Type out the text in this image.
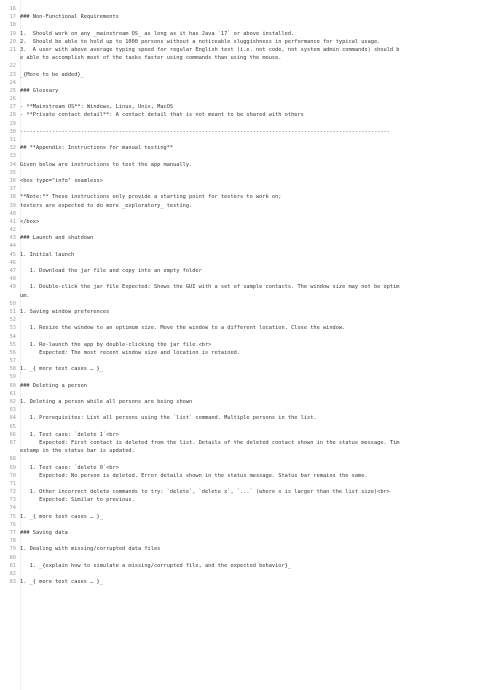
16
17 ### Non-Functional Requirements
18
19 1.  Should work on any _mainstream OS_ as long as it has Java `17` or above installed.
20 2.  Should be able to hold up to 1000 persons without a noticeable sluggishness in performance for typical usage.
21 3.  A user with above average typing speed for regular English text (i.e. not code, not system admin commands) should b
e able to accomplish most of the tasks faster using commands than using the mouse.
22
23 _{More to be added}_
24
25 ### Glossary
26
27 - **Mainstream OS**: Windows, Linux, Unix, MacOS
28 - **Private contact detail**: A contact detail that is not meant to be shared with others
29
30 --------------------------------------------------------------------------------------------------------------------
31
32 ## **Appendix: Instructions for manual testing**
33
34 Given below are instructions to test the app manually.
35
36 <box type="info" seamless>
37
38 **Note:** These instructions only provide a starting point for testers to work on;
39 testers are expected to do more _exploratory_ testing.
40
41 </box>
42
43 ### Launch and shutdown
44
45 1. Initial launch
46
47 1. Download the jar file and copy into an empty folder
48
49 1. Double-click the jar file Expected: Shows the GUI with a set of sample contacts. The window size may not be optim
um.
50
51 1. Saving window preferences
52
53 1. Resize the window to an optimum size. Move the window to a different location. Close the window.
54
55 1. Re-launch the app by double-clicking the jar file.<br>
56 Expected: The most recent window size and location is retained.
57
58 1. _{ more test cases … }_
59
60 ### Deleting a person
61
62 1. Deleting a person while all persons are being shown
63
64 1. Prerequisites: List all persons using the `list` command. Multiple persons in the list.
65
66 1. Test case: `delete 1`<br>
67 Expected: First contact is deleted from the list. Details of the deleted contact shown in the status message. Tim
estamp in the status bar is updated.
68
69 1. Test case: `delete 0`<br>
70 Expected: No person is deleted. Error details shown in the status message. Status bar remains the same.
71
72 1. Other incorrect delete commands to try: `delete`, `delete x`, `...` (where x is larger than the list size)<br>
73 Expected: Similar to previous.
74
75 1. _{ more test cases … }_
76
77 ### Saving data
78
79 1. Dealing with missing/corrupted data files
80
81 1. _{explain how to simulate a missing/corrupted file, and the expected behavior}_
82
83 1. _{ more test cases … }_
